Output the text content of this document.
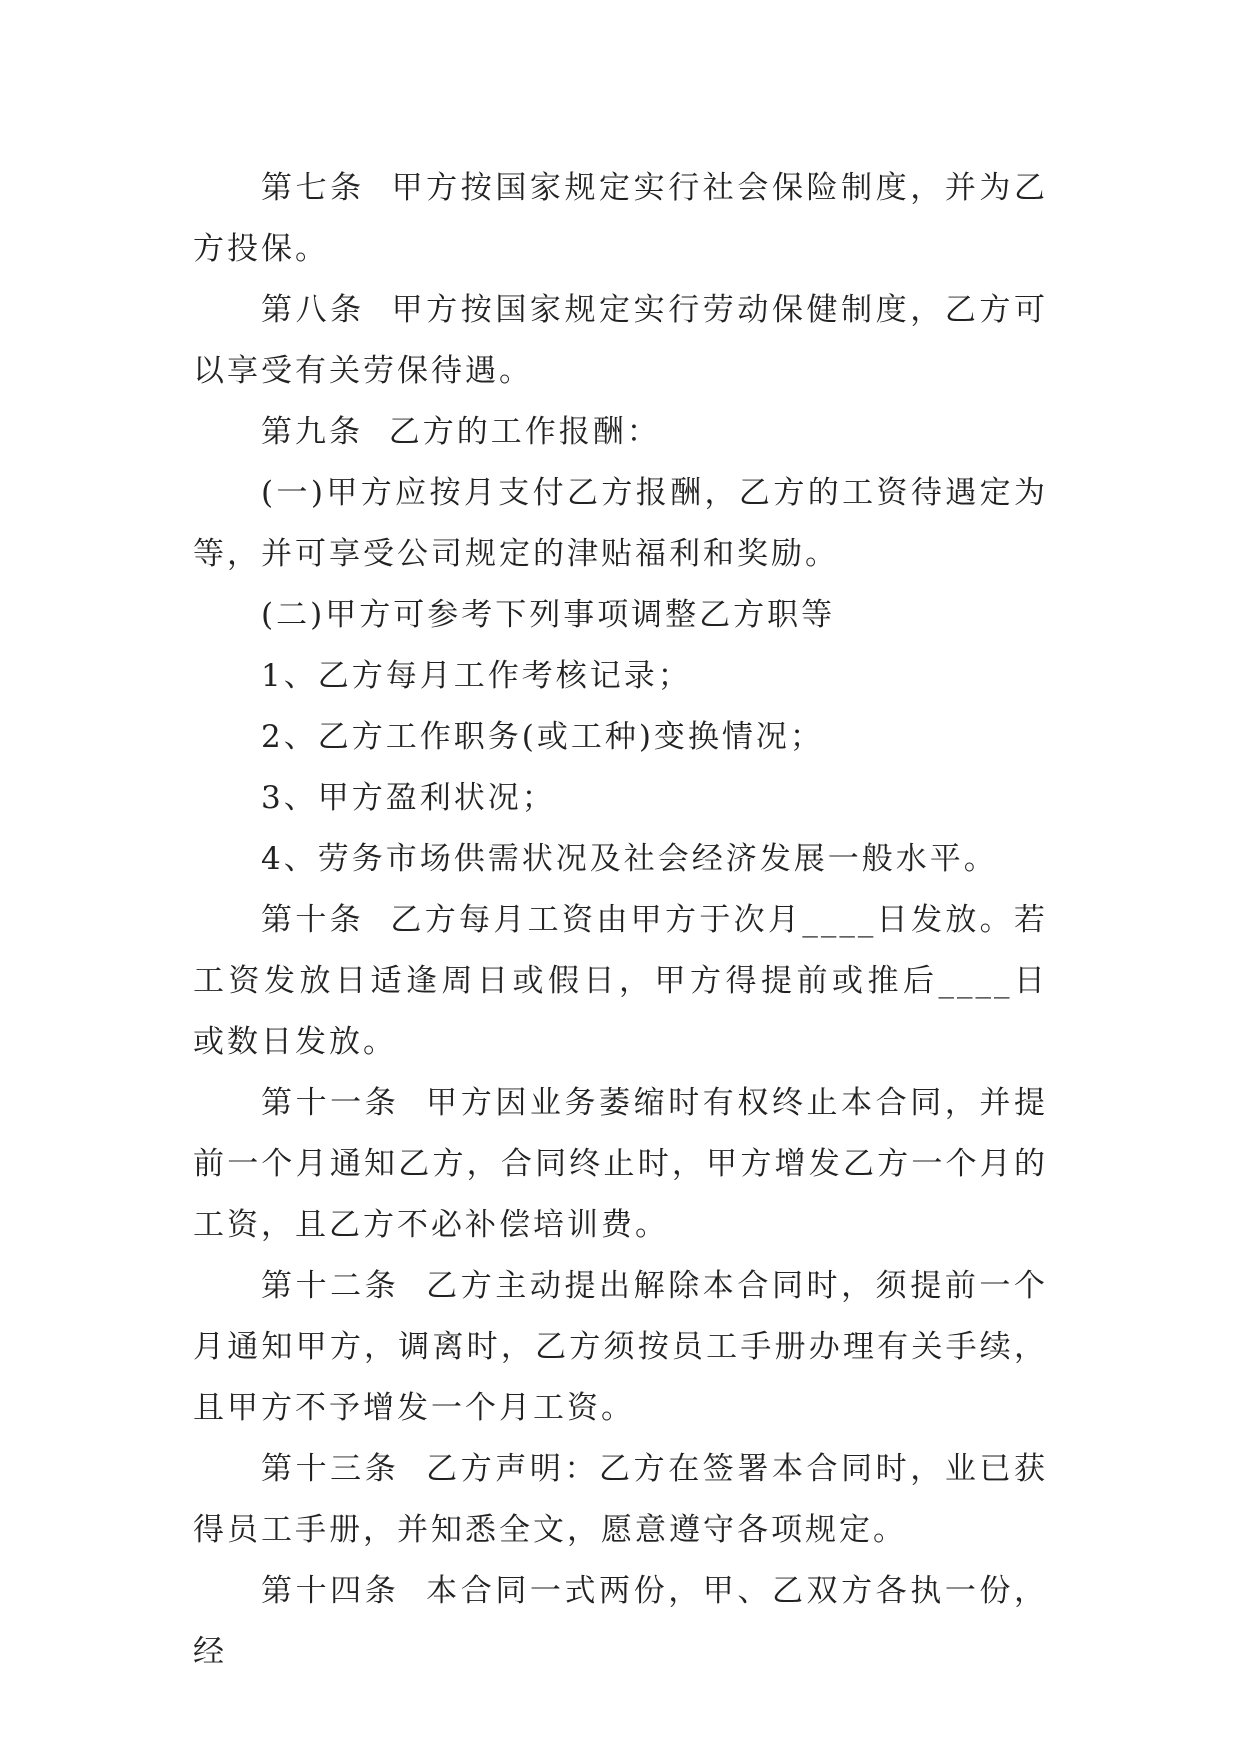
第七条  甲方按国家规定实行社会保险制度，并为乙方投保。

第八条  甲方按国家规定实行劳动保健制度，乙方可以享受有关劳保待遇。

第九条  乙方的工作报酬：

(一)甲方应按月支付乙方报酬，乙方的工资待遇定为等，并可享受公司规定的津贴福利和奖励。

(二)甲方可参考下列事项调整乙方职等

1、乙方每月工作考核记录；

2、乙方工作职务(或工种)变换情况；

3、甲方盈利状况；

4、劳务市场供需状况及社会经济发展一般水平。

第十条  乙方每月工资由甲方于次月____日发放。若工资发放日适逢周日或假日，甲方得提前或推后____日或数日发放。

第十一条  甲方因业务萎缩时有权终止本合同，并提前一个月通知乙方，合同终止时，甲方增发乙方一个月的工资，且乙方不必补偿培训费。

第十二条  乙方主动提出解除本合同时，须提前一个月通知甲方，调离时，乙方须按员工手册办理有关手续，且甲方不予增发一个月工资。

第十三条  乙方声明：乙方在签署本合同时，业已获得员工手册，并知悉全文，愿意遵守各项规定。

第十四条  本合同一式两份，甲、乙双方各执一份，经
